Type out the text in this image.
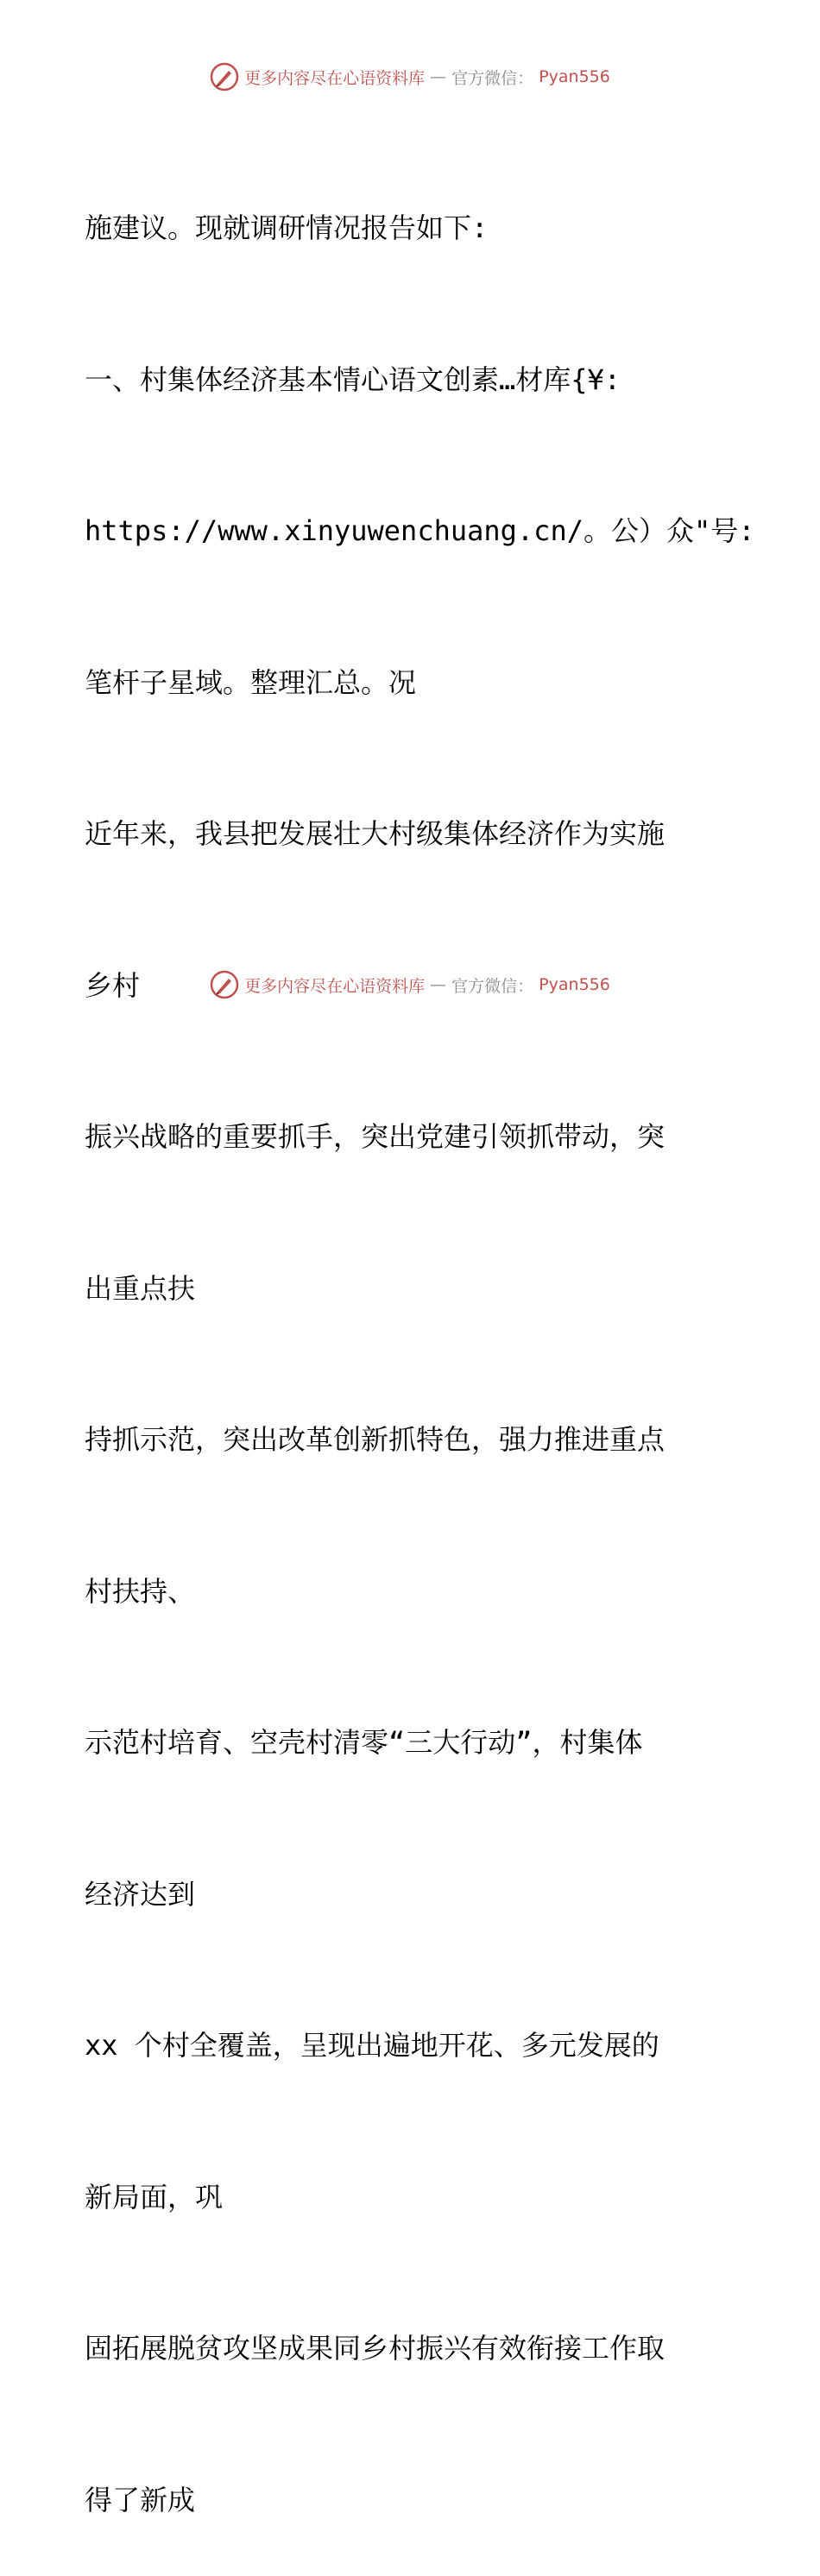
更多内容尽在心语资料库 — 官方微信： Pyan556

施建议。现就调研情况报告如下:

一、村集体经济基本情心语文创素…材库{¥:

https://www.xinyuwenchuang.cn/。公）众"号:

笔杆子星域。整理汇总。况

近年来，我县把发展壮大村级集体经济作为实施

乡村

振兴战略的重要抓手，突出党建引领抓带动，突

出重点扶

持抓示范，突出改革创新抓特色，强力推进重点

村扶持、

示范村培育、空壳村清零“三大行动”，村集体

经济达到

xx 个村全覆盖，呈现出遍地开花、多元发展的

新局面，巩

固拓展脱贫攻坚成果同乡村振兴有效衔接工作取

得了新成

更多内容尽在心语资料库 — 官方微信： Pyan556
